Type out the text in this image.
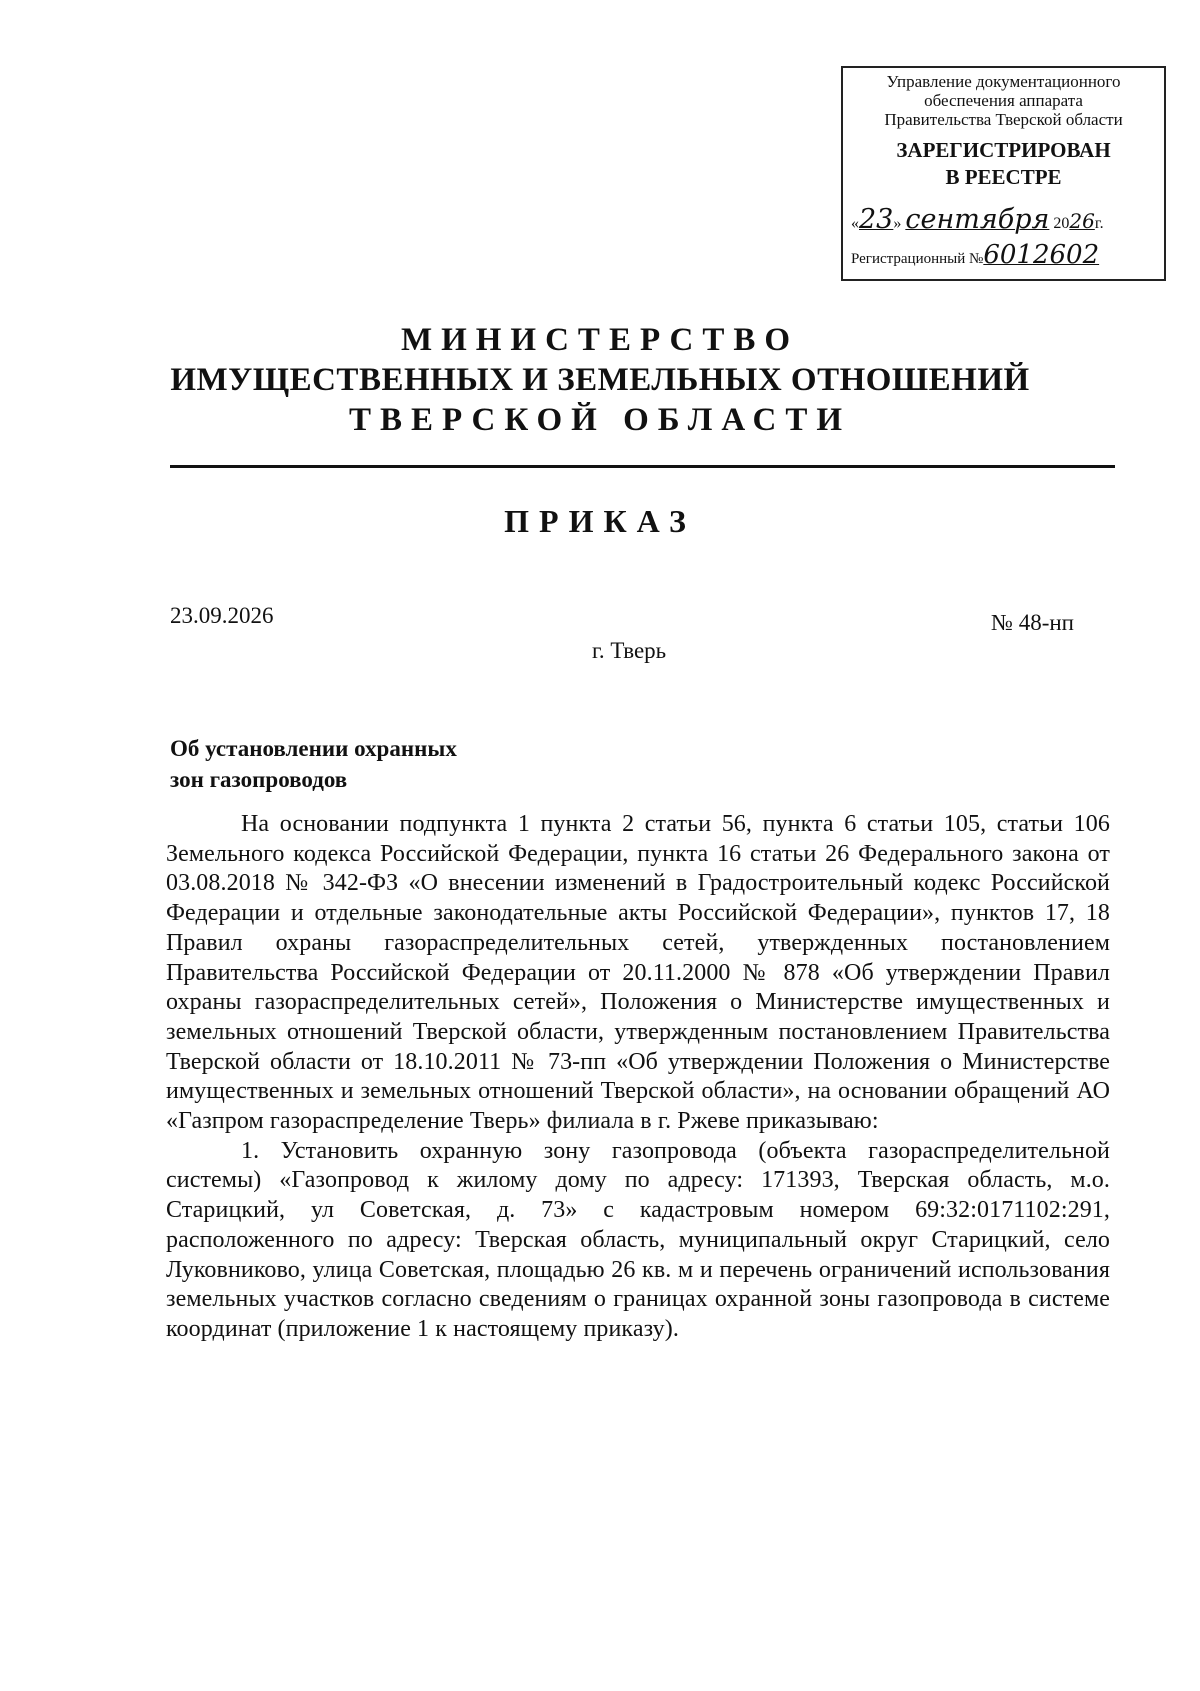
Управление документационного
обеспечения аппарата
Правительства Тверской области
ЗАРЕГИСТРИРОВАН
В РЕЕСТРЕ
«23» сентября 2026г.
Регистрационный №6012602
МИНИСТЕРСТВО
ИМУЩЕСТВЕННЫХ И ЗЕМЕЛЬНЫХ ОТНОШЕНИЙ
ТВЕРСКОЙ ОБЛАСТИ
ПРИКАЗ
23.09.2026	№ 48-нп
г. Тверь
Об установлении охранных
зон газопроводов

На основании подпункта 1 пункта 2 статьи 56, пункта 6 статьи 105, статьи 106 Земельного кодекса Российской Федерации, пункта 16 статьи 26 Федерального закона от 03.08.2018 № 342-ФЗ «О внесении изменений в Градостроительный кодекс Российской Федерации и отдельные законодательные акты Российской Федерации», пунктов 17, 18 Правил охраны газораспределительных сетей, утвержденных постановлением Правительства Российской Федерации от 20.11.2000 № 878 «Об утверждении Правил охраны газораспределительных сетей», Положения о Министерстве имущественных и земельных отношений Тверской области, утвержденным постановлением Правительства Тверской области от 18.10.2011 № 73-пп «Об утверждении Положения о Министерстве имущественных и земельных отношений Тверской области», на основании обращений АО «Газпром газораспределение Тверь» филиала в г. Ржеве приказываю:

1. Установить охранную зону газопровода (объекта газораспределительной системы) «Газопровод к жилому дому по адресу: 171393, Тверская область, м.о. Старицкий, ул Советская, д. 73» с кадастровым номером 69:32:0171102:291, расположенного по адресу: Тверская область, муниципальный округ Старицкий, село Луковниково, улица Советская, площадью 26 кв. м и перечень ограничений использования земельных участков согласно сведениям о границах охранной зоны газопровода в системе координат (приложение 1 к настоящему приказу).
